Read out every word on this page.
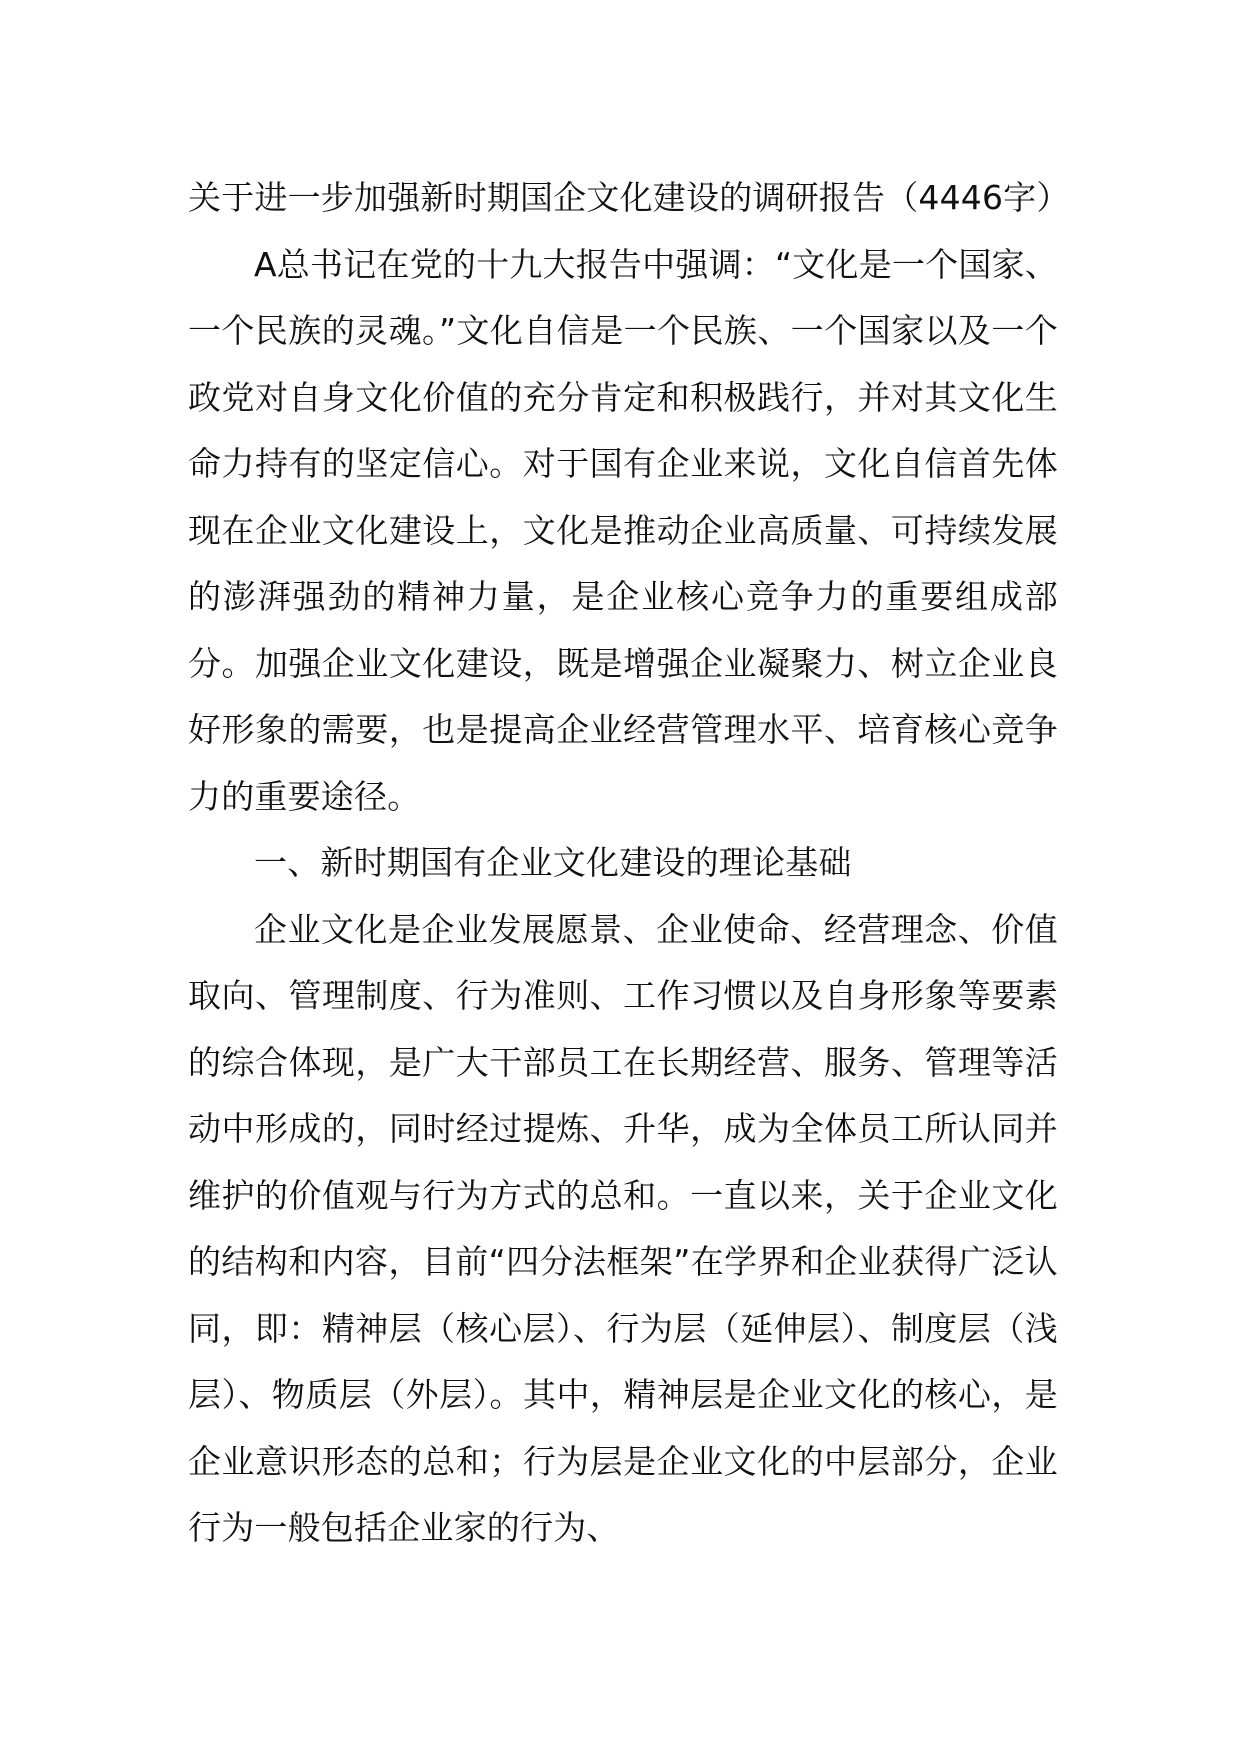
关于进一步加强新时期国企文化建设的调研报告（4446字）

A总书记在党的十九大报告中强调：“文化是一个国家、一个民族的灵魂。”文化自信是一个民族、一个国家以及一个政党对自身文化价值的充分肯定和积极践行，并对其文化生命力持有的坚定信心。对于国有企业来说，文化自信首先体现在企业文化建设上，文化是推动企业高质量、可持续发展的澎湃强劲的精神力量，是企业核心竞争力的重要组成部分。加强企业文化建设，既是增强企业凝聚力、树立企业良好形象的需要，也是提高企业经营管理水平、培育核心竞争力的重要途径。

一、新时期国有企业文化建设的理论基础

企业文化是企业发展愿景、企业使命、经营理念、价值取向、管理制度、行为准则、工作习惯以及自身形象等要素的综合体现，是广大干部员工在长期经营、服务、管理等活动中形成的，同时经过提炼、升华，成为全体员工所认同并维护的价值观与行为方式的总和。一直以来，关于企业文化的结构和内容，目前“四分法框架”在学界和企业获得广泛认同，即：精神层（核心层）、行为层（延伸层）、制度层（浅层）、物质层（外层）。其中，精神层是企业文化的核心，是企业意识形态的总和；行为层是企业文化的中层部分，企业行为一般包括企业家的行为、
